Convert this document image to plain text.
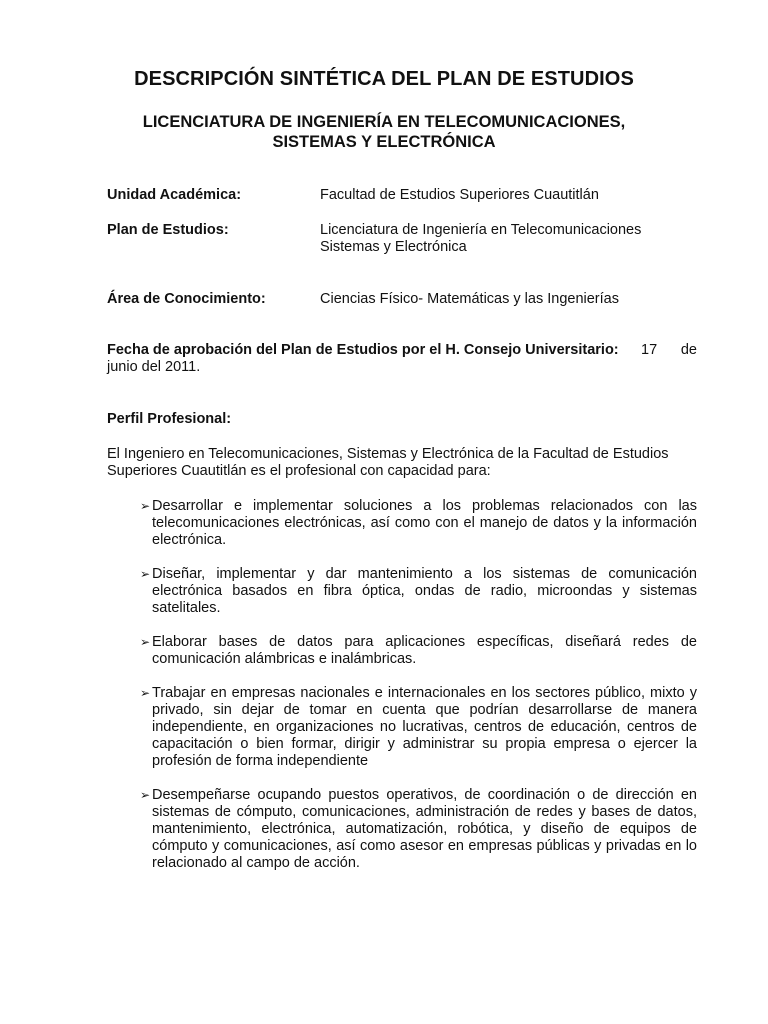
DESCRIPCIÓN SINTÉTICA DEL PLAN DE ESTUDIOS
LICENCIATURA DE INGENIERÍA EN TELECOMUNICACIONES,
SISTEMAS Y ELECTRÓNICA
Unidad Académica:	Facultad de Estudios Superiores Cuautitlán
Plan de Estudios:	Licenciatura de Ingeniería en Telecomunicaciones
Sistemas y Electrónica
Área de Conocimiento:	Ciencias Físico- Matemáticas y las Ingenierías
Fecha de aprobación del Plan de Estudios por el H. Consejo Universitario: 17 de
junio del 2011.
Perfil Profesional:
El Ingeniero en Telecomunicaciones, Sistemas y Electrónica de la Facultad de Estudios
Superiores Cuautitlán es el profesional con capacidad para:
➢ Desarrollar e implementar soluciones a los problemas relacionados con las telecomunicaciones electrónicas, así como con el manejo de datos y la información electrónica.
➢ Diseñar, implementar y dar mantenimiento a los sistemas de comunicación electrónica basados en fibra óptica, ondas de radio, microondas y sistemas satelitales.
➢ Elaborar bases de datos para aplicaciones específicas, diseñará redes de comunicación alámbricas e inalámbricas.
➢ Trabajar en empresas nacionales e internacionales en los sectores público, mixto y privado, sin dejar de tomar en cuenta que podrían desarrollarse de manera independiente, en organizaciones no lucrativas, centros de educación, centros de capacitación o bien formar, dirigir y administrar su propia empresa o ejercer la profesión de forma independiente
➢ Desempeñarse ocupando puestos operativos, de coordinación o de dirección en sistemas de cómputo, comunicaciones, administración de redes y bases de datos, mantenimiento, electrónica, automatización, robótica, y diseño de equipos de cómputo y comunicaciones, así como asesor en empresas públicas y privadas en lo relacionado al campo de acción.
